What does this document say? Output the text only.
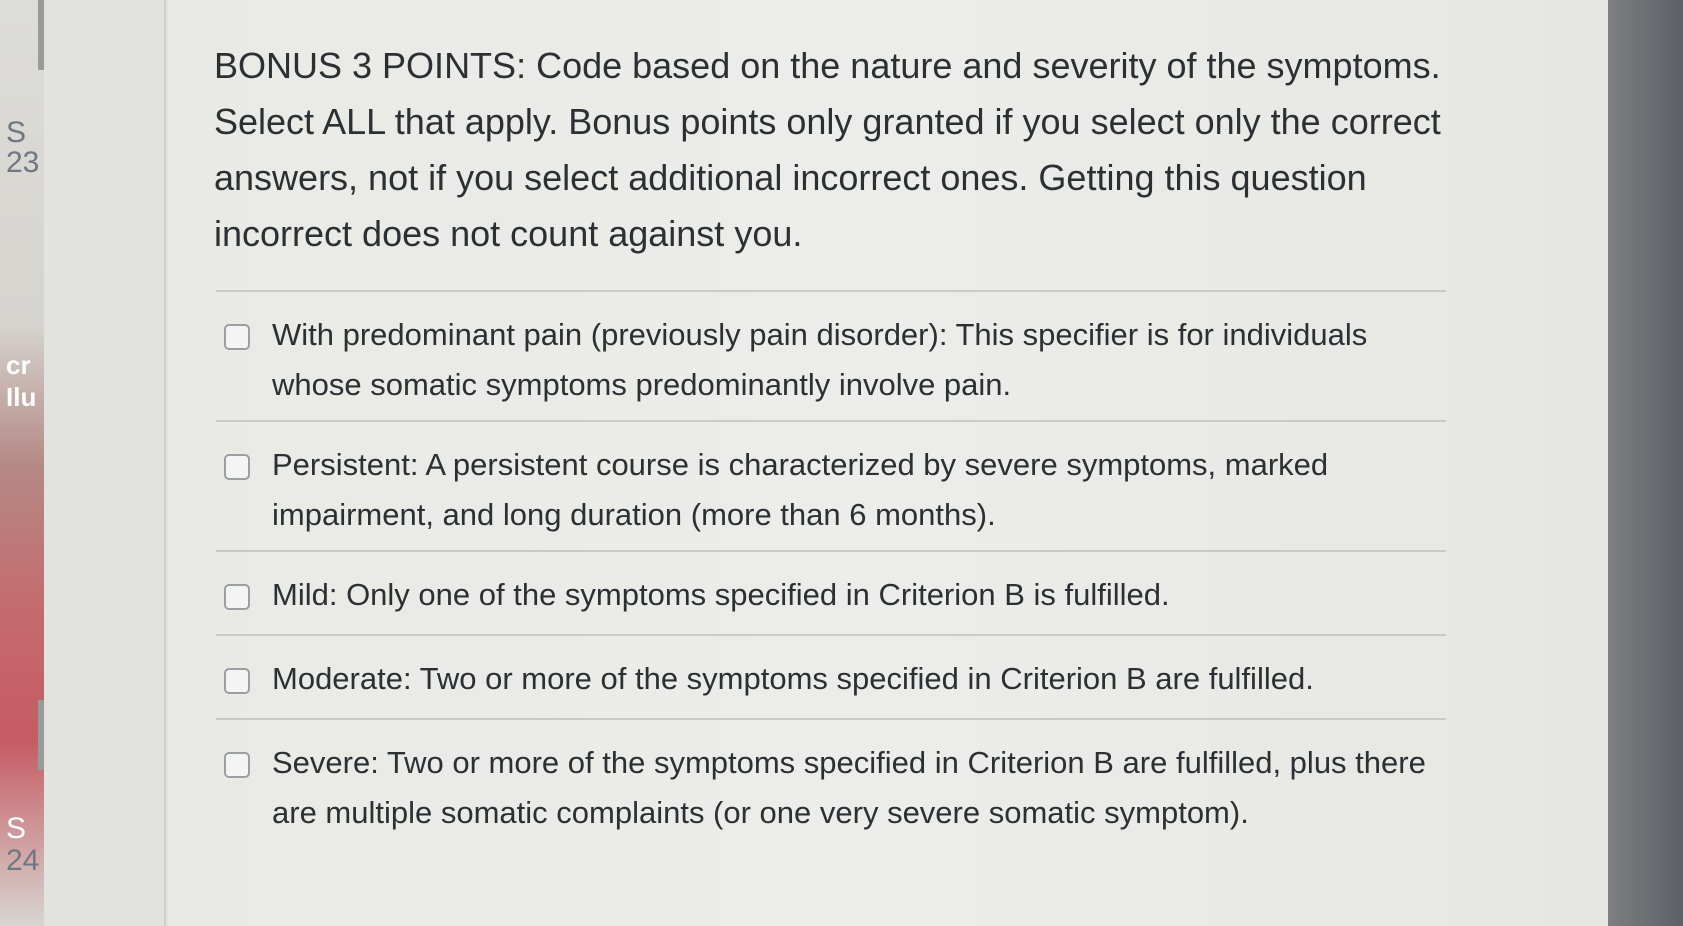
S
23
cr
Ilu
S
24
BONUS 3 POINTS: Code based on the nature and severity of the symptoms. Select ALL that apply. Bonus points only granted if you select only the correct answers, not if you select additional incorrect ones. Getting this question incorrect does not count against you.
With predominant pain (previously pain disorder): This specifier is for individuals whose somatic symptoms predominantly involve pain.
Persistent: A persistent course is characterized by severe symptoms, marked impairment, and long duration (more than 6 months).
Mild: Only one of the symptoms specified in Criterion B is fulfilled.
Moderate: Two or more of the symptoms specified in Criterion B are fulfilled.
Severe: Two or more of the symptoms specified in Criterion B are fulfilled, plus there are multiple somatic complaints (or one very severe somatic symptom).
